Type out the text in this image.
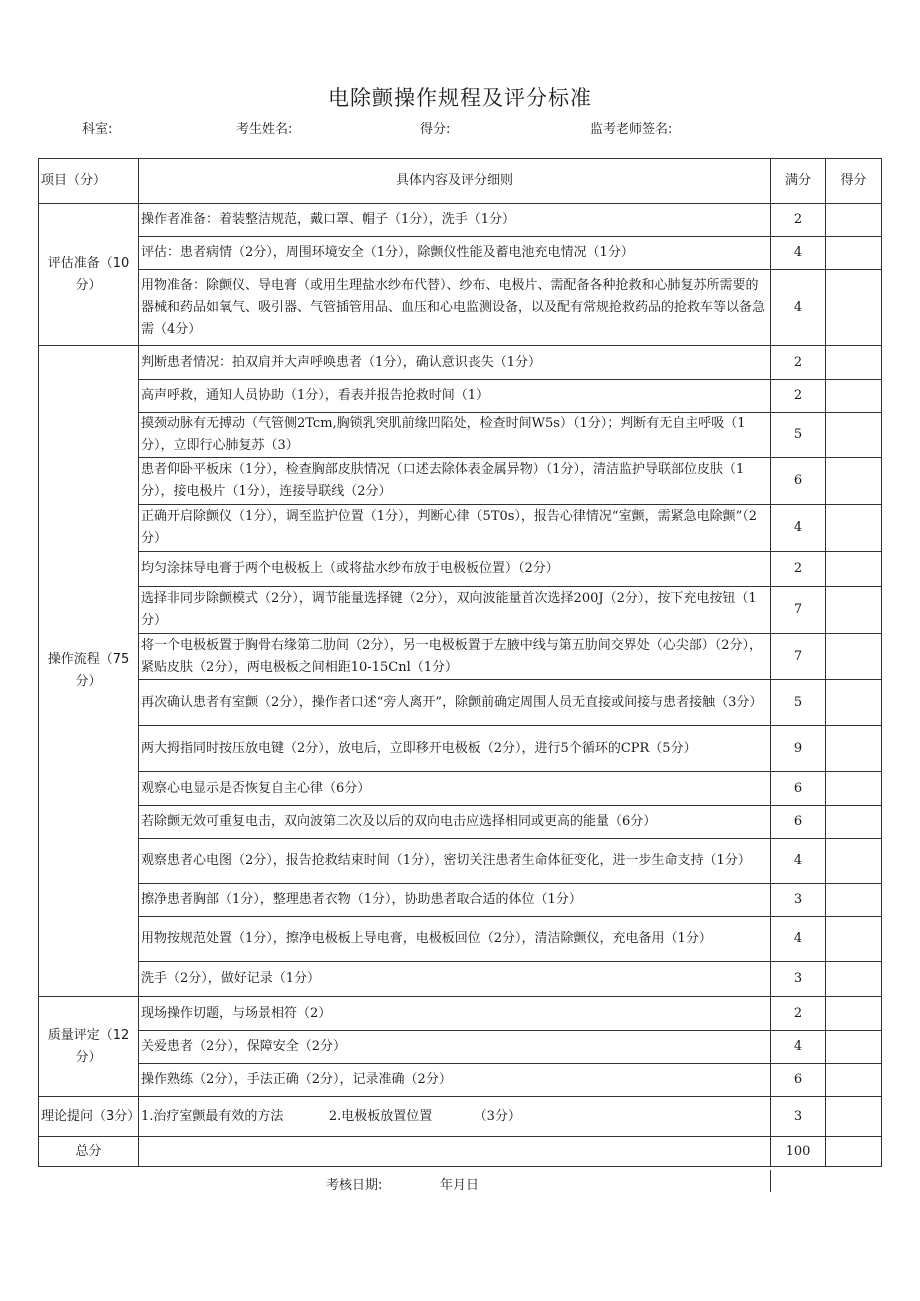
电除颤操作规程及评分标准
科室:	考生姓名:	得分:	监考老师签名:
项目（分）	具体内容及评分细则	满分	得分
评估准备（10分）	操作者准备：着装整洁规范，戴口罩、帽子（1分），洗手（1分）	2	
	评估：患者病情（2分），周围环境安全（1分），除颤仪性能及蓄电池充电情况（1分）	4	
	用物准备：除颤仪、导电膏（或用生理盐水纱布代替）、纱布、电极片、需配备各种抢救和心肺复苏所需要的器械和药品如氧气、吸引器、气管插管用品、血压和心电监测设备，以及配有常规抢救药品的抢救车等以备急需（4分）	4	
操作流程（75分）	判断患者情况：拍双肩并大声呼唤患者（1分），确认意识丧失（1分）	2	
	高声呼救，通知人员协助（1分），看表并报告抢救时间（1）	2	
	摸颈动脉有无搏动（气管侧2Tcm,胸锁乳突肌前缘凹陷处，检查时间W5s）（1分）；判断有无自主呼吸（1分），立即行心肺复苏（3）	5	
	患者仰卧平板床（1分），检查胸部皮肤情况（口述去除体表金属异物）（1分），清洁监护导联部位皮肤（1分），接电极片（1分），连接导联线（2分）	6	
	正确开启除颤仪（1分），调至监护位置（1分），判断心律（5T0s），报告心律情况“室颤，需紧急电除颤”（2分）	4	
	均匀涂抹导电膏于两个电极板上（或将盐水纱布放于电极板位置）（2分）	2	
	选择非同步除颤模式（2分），调节能量选择键（2分），双向波能量首次选择200J（2分），按下充电按钮（1分）	7	
	将一个电极板置于胸骨右缘第二肋间（2分），另一电极板置于左腋中线与第五肋间交界处（心尖部）（2分），紧贴皮肤（2分），两电极板之间相距10-15Cnl（1分）	7	
	再次确认患者有室颤（2分），操作者口述“旁人离开”，除颤前确定周围人员无直接或间接与患者接触（3分）	5	
	两大拇指同时按压放电键（2分），放电后，立即移开电极板（2分），进行5个循环的CPR（5分）	9	
	观察心电显示是否恢复自主心律（6分）	6	
	若除颤无效可重复电击，双向波第二次及以后的双向电击应选择相同或更高的能量（6分）	6	
	观察患者心电图（2分），报告抢救结束时间（1分），密切关注患者生命体征变化，进一步生命支持（1分）	4	
	擦净患者胸部（1分），整理患者衣物（1分），协助患者取合适的体位（1分）	3	
	用物按规范处置（1分），擦净电极板上导电膏，电极板回位（2分），清洁除颤仪，充电备用（1分）	4	
	洗手（2分），做好记录（1分）	3	
质量评定（12分）	现场操作切题，与场景相符（2）	2	
	关爱患者（2分），保障安全（2分）	4	
	操作熟练（2分），手法正确（2分），记录准确（2分）	6	
理论提问（3分）	1.治疗室颤最有效的方法           2.电极板放置位置          （3分）	3	
总分		100	
考核日期:	年月日
